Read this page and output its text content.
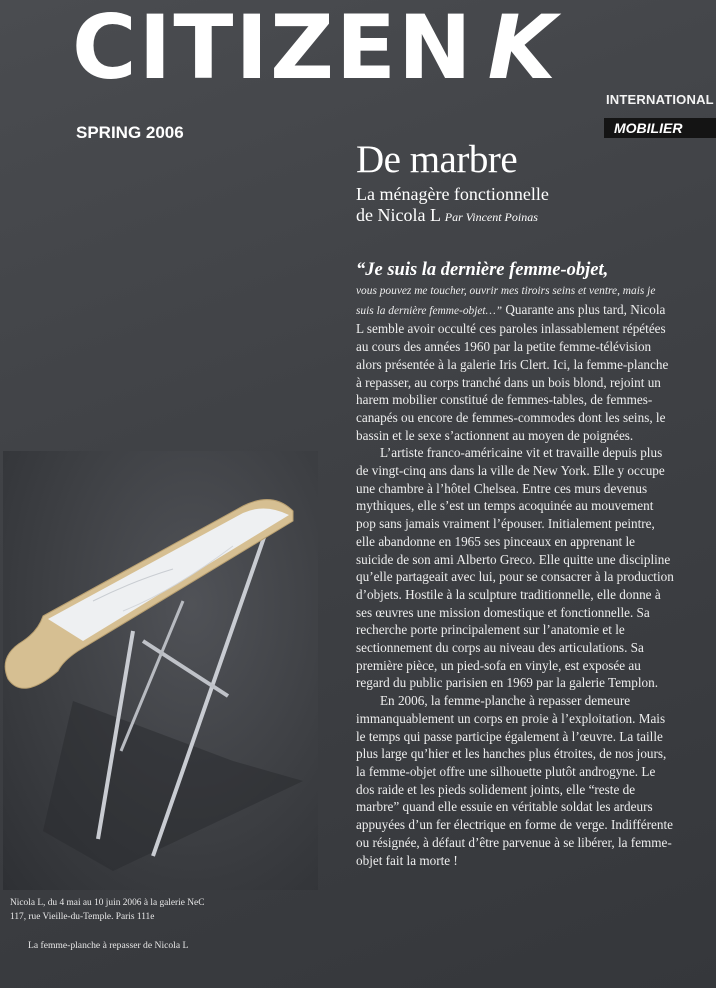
CITIZEN K
INTERNATIONAL
SPRING 2006	MOBILIER
De marbre
La ménagère fonctionnelle
de Nicola L Par Vincent Poinas
“Je suis la dernière femme-objet,

vous pouvez me toucher, ouvrir mes tiroirs seins et ventre, mais je suis la dernière femme-objet…” Quarante ans plus tard, Nicola L semble avoir occulté ces paroles inlassablement répétées au cours des années 1960 par la petite femme-télévision alors présentée à la galerie Iris Clert. Ici, la femme-planche à repasser, au corps tranché dans un bois blond, rejoint un harem mobilier constitué de femmes-tables, de femmes-canapés ou encore de femmes-commodes dont les seins, le bassin et le sexe s’actionnent au moyen de poignées.

L’artiste franco-américaine vit et travaille depuis plus de vingt-cinq ans dans la ville de New York. Elle y occupe une chambre à l’hôtel Chelsea. Entre ces murs devenus mythiques, elle s’est un temps acoquinée au mouvement pop sans jamais vraiment l’épouser. Initialement peintre, elle abandonne en 1965 ses pinceaux en apprenant le suicide de son ami Alberto Greco. Elle quitte une discipline qu’elle partageait avec lui, pour se consacrer à la production d’objets. Hostile à la sculpture traditionnelle, elle donne à ses œuvres une mission domestique et fonctionnelle. Sa recherche porte principalement sur l’anatomie et le sectionnement du corps au niveau des articulations. Sa première pièce, un pied-sofa en vinyle, est exposée au regard du public parisien en 1969 par la galerie Templon.

En 2006, la femme-planche à repasser demeure immanquablement un corps en proie à l’exploitation. Mais le temps qui passe participe également à l’œuvre. La taille plus large qu’hier et les hanches plus étroites, de nos jours, la femme-objet offre une silhouette plutôt androgyne. Le dos raide et les pieds solidement joints, elle “reste de marbre” quand elle essuie en véritable soldat les ardeurs appuyées d’un fer électrique en forme de verge. Indifférente ou résignée, à défaut d’être parvenue à se libérer, la femme-objet fait la morte !

Nicola L, du 4 mai au 10 juin 2006 à la galerie NeC
117, rue Vieille-du-Temple. Paris 111e
La femme-planche à repasser de Nicola L
